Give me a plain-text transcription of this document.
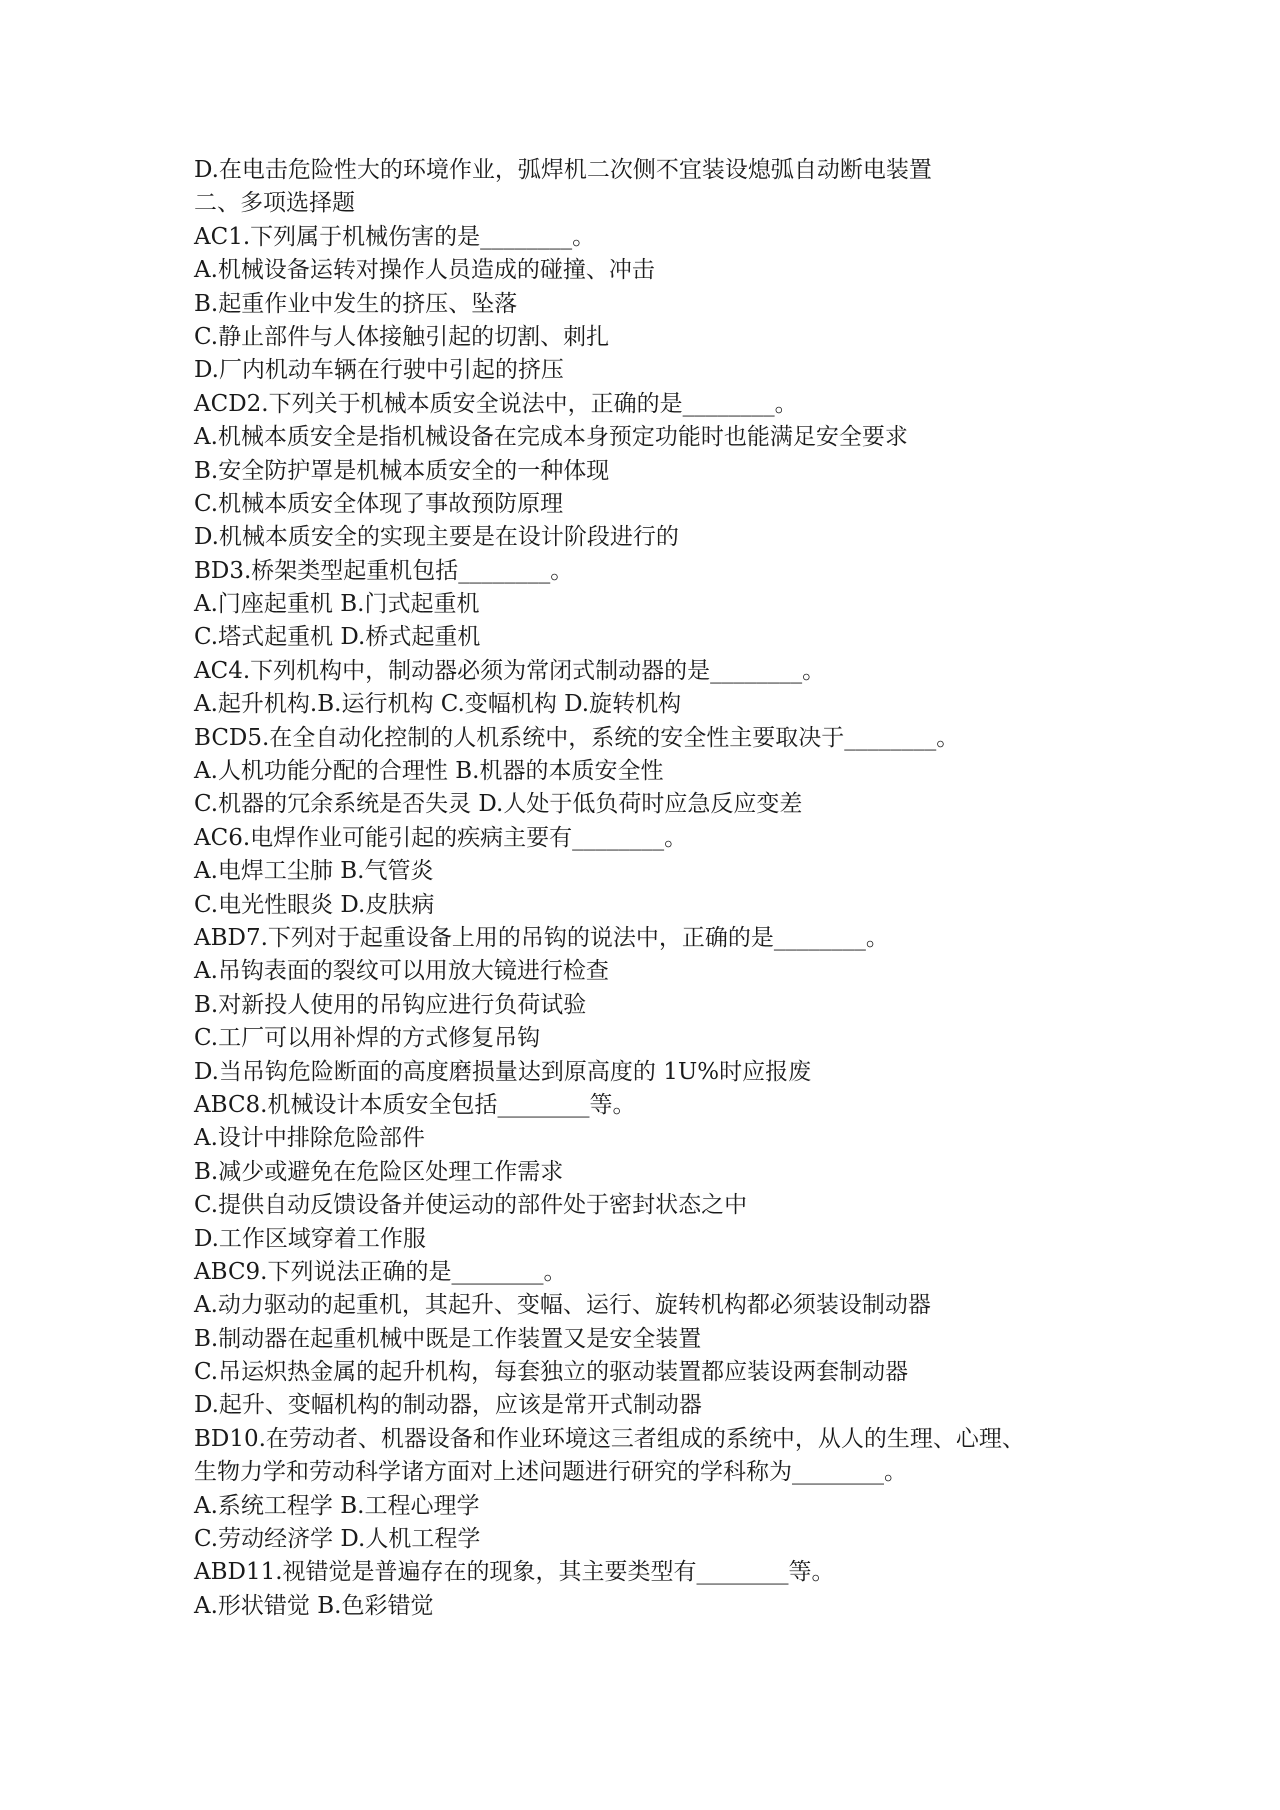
D.在电击危险性大的环境作业，弧焊机二次侧不宜装设熄弧自动断电装置
二、多项选择题
AC1.下列属于机械伤害的是________。
A.机械设备运转对操作人员造成的碰撞、冲击
B.起重作业中发生的挤压、坠落
C.静止部件与人体接触引起的切割、刺扎
D.厂内机动车辆在行驶中引起的挤压
ACD2.下列关于机械本质安全说法中，正确的是________。
A.机械本质安全是指机械设备在完成本身预定功能时也能满足安全要求
B.安全防护罩是机械本质安全的一种体现
C.机械本质安全体现了事故预防原理
D.机械本质安全的实现主要是在设计阶段进行的
BD3.桥架类型起重机包括________。
A.门座起重机 B.门式起重机
C.塔式起重机 D.桥式起重机
AC4.下列机构中，制动器必须为常闭式制动器的是________。
A.起升机构.B.运行机构 C.变幅机构 D.旋转机构
BCD5.在全自动化控制的人机系统中，系统的安全性主要取决于________。
A.人机功能分配的合理性 B.机器的本质安全性
C.机器的冗余系统是否失灵 D.人处于低负荷时应急反应变差
AC6.电焊作业可能引起的疾病主要有________。
A.电焊工尘肺 B.气管炎
C.电光性眼炎 D.皮肤病
ABD7.下列对于起重设备上用的吊钩的说法中，正确的是________。
A.吊钩表面的裂纹可以用放大镜进行检查
B.对新投人使用的吊钩应进行负荷试验
C.工厂可以用补焊的方式修复吊钩
D.当吊钩危险断面的高度磨损量达到原高度的 1U%时应报废
ABC8.机械设计本质安全包括________等。
A.设计中排除危险部件
B.减少或避免在危险区处理工作需求
C.提供自动反馈设备并使运动的部件处于密封状态之中
D.工作区域穿着工作服
ABC9.下列说法正确的是________。
A.动力驱动的起重机，其起升、变幅、运行、旋转机构都必须装设制动器
B.制动器在起重机械中既是工作装置又是安全装置
C.吊运炽热金属的起升机构，每套独立的驱动装置都应装设两套制动器
D.起升、变幅机构的制动器，应该是常开式制动器
BD10.在劳动者、机器设备和作业环境这三者组成的系统中，从人的生理、心理、
生物力学和劳动科学诸方面对上述问题进行研究的学科称为________。
A.系统工程学 B.工程心理学
C.劳动经济学 D.人机工程学
ABD11.视错觉是普遍存在的现象，其主要类型有________等。
A.形状错觉 B.色彩错觉
